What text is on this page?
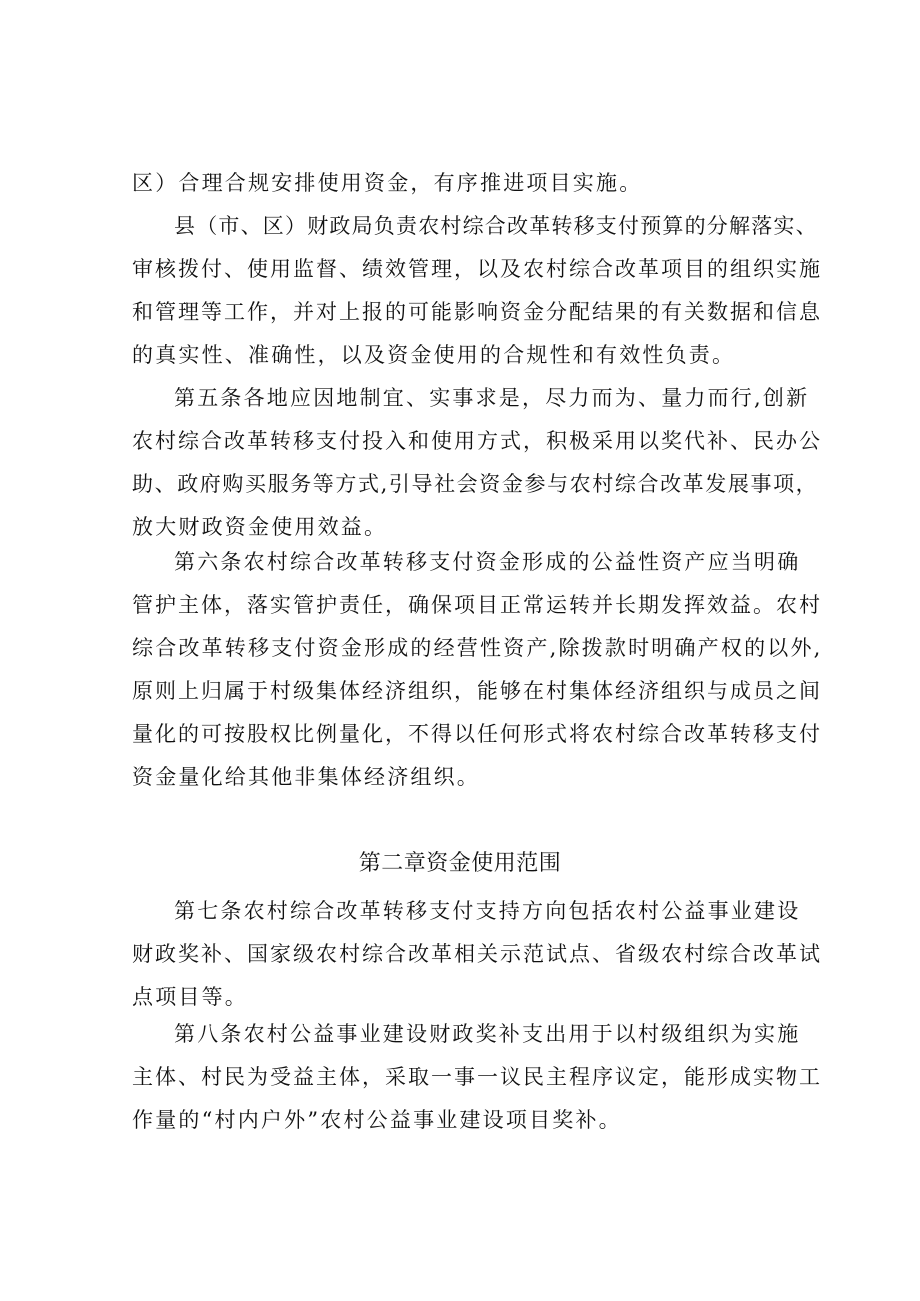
区）合理合规安排使用资金，有序推进项目实施。
县（市、区）财政局负责农村综合改革转移支付预算的分解落实、
审核拨付、使用监督、绩效管理，以及农村综合改革项目的组织实施
和管理等工作，并对上报的可能影响资金分配结果的有关数据和信息
的真实性、准确性，以及资金使用的合规性和有效性负责。
第五条各地应因地制宜、实事求是，尽力而为、量力而行,创新
农村综合改革转移支付投入和使用方式，积极采用以奖代补、民办公
助、政府购买服务等方式,引导社会资金参与农村综合改革发展事项，
放大财政资金使用效益。
第六条农村综合改革转移支付资金形成的公益性资产应当明确
管护主体，落实管护责任，确保项目正常运转并长期发挥效益。农村
综合改革转移支付资金形成的经营性资产,除拨款时明确产权的以外,
原则上归属于村级集体经济组织，能够在村集体经济组织与成员之间
量化的可按股权比例量化，不得以任何形式将农村综合改革转移支付
资金量化给其他非集体经济组织。
第二章资金使用范围
第七条农村综合改革转移支付支持方向包括农村公益事业建设
财政奖补、国家级农村综合改革相关示范试点、省级农村综合改革试
点项目等。
第八条农村公益事业建设财政奖补支出用于以村级组织为实施
主体、村民为受益主体，采取一事一议民主程序议定，能形成实物工
作量的“村内户外”农村公益事业建设项目奖补。
